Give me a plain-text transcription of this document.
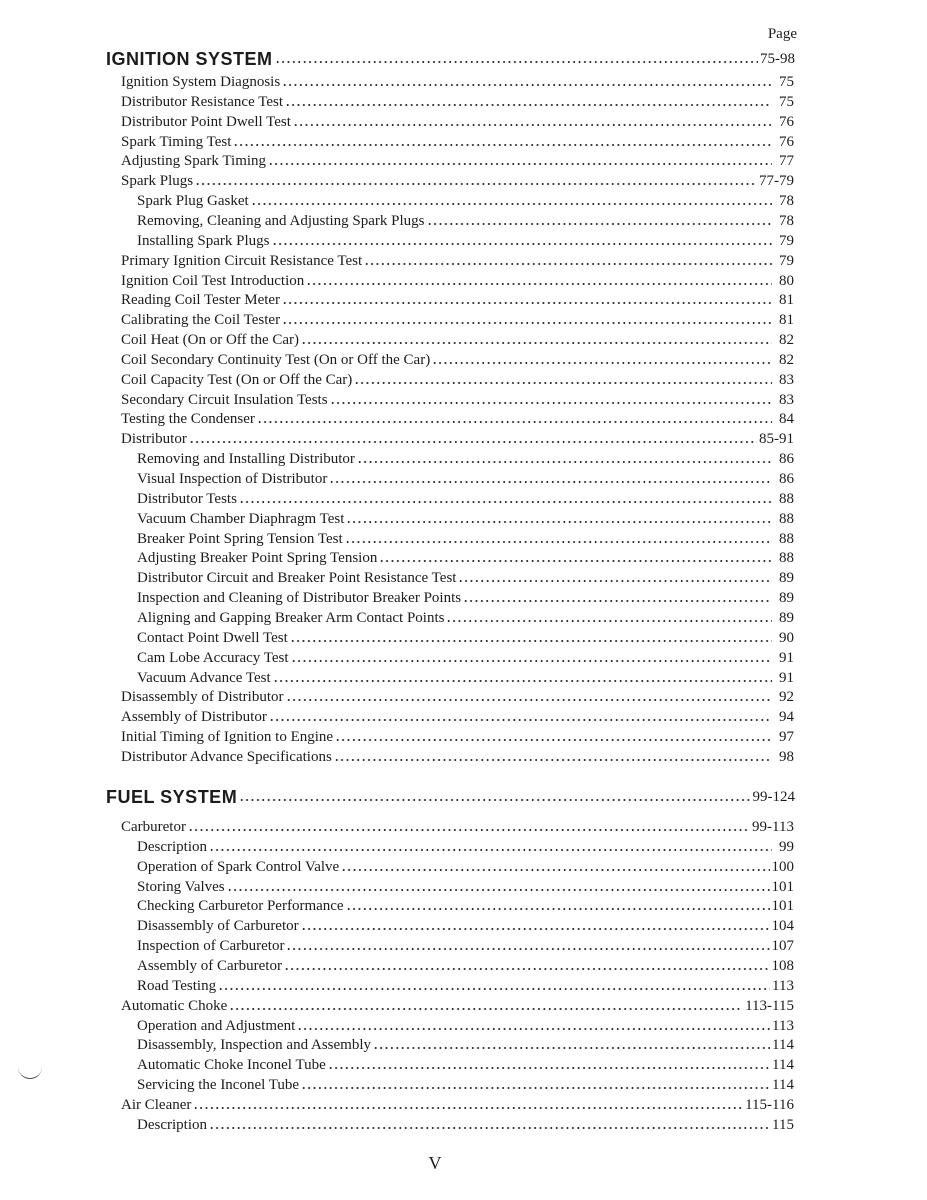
Page
IGNITION SYSTEM	75-98
Ignition System Diagnosis	75
Distributor Resistance Test	75
Distributor Point Dwell Test	76
Spark Timing Test	76
Adjusting Spark Timing	77
Spark Plugs	77-79
Spark Plug Gasket	78
Removing, Cleaning and Adjusting Spark Plugs	78
Installing Spark Plugs	79
Primary Ignition Circuit Resistance Test	79
Ignition Coil Test Introduction	80
Reading Coil Tester Meter	81
Calibrating the Coil Tester	81
Coil Heat (On or Off the Car)	82
Coil Secondary Continuity Test (On or Off the Car)	82
Coil Capacity Test (On or Off the Car)	83
Secondary Circuit Insulation Tests	83
Testing the Condenser	84
Distributor	85-91
Removing and Installing Distributor	86
Visual Inspection of Distributor	86
Distributor Tests	88
Vacuum Chamber Diaphragm Test	88
Breaker Point Spring Tension Test	88
Adjusting Breaker Point Spring Tension	88
Distributor Circuit and Breaker Point Resistance Test	89
Inspection and Cleaning of Distributor Breaker Points	89
Aligning and Gapping Breaker Arm Contact Points	89
Contact Point Dwell Test	90
Cam Lobe Accuracy Test	91
Vacuum Advance Test	91
Disassembly of Distributor	92
Assembly of Distributor	94
Initial Timing of Ignition to Engine	97
Distributor Advance Specifications	98
FUEL SYSTEM	99-124
Carburetor	99-113
Description	99
Operation of Spark Control Valve	100
Storing Valves	101
Checking Carburetor Performance	101
Disassembly of Carburetor	104
Inspection of Carburetor	107
Assembly of Carburetor	108
Road Testing	113
Automatic Choke	113-115
Operation and Adjustment	113
Disassembly, Inspection and Assembly	114
Automatic Choke Inconel Tube	114
Servicing the Inconel Tube	114
Air Cleaner	115-116
Description	115
V
